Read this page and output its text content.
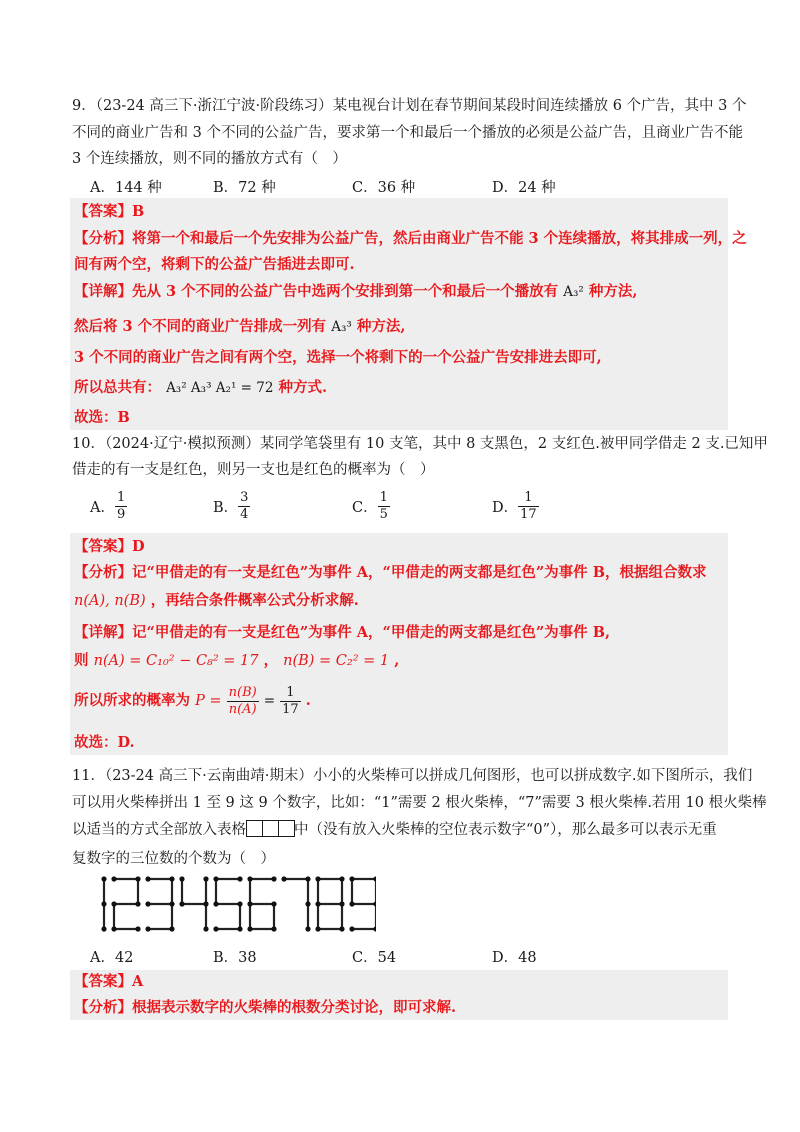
9．（23-24 高三下·浙江宁波·阶段练习）某电视台计划在春节期间某段时间连续播放 6 个广告，其中 3 个
不同的商业广告和 3 个不同的公益广告，要求第一个和最后一个播放的必须是公益广告，且商业广告不能
3 个连续播放，则不同的播放方式有（　）
A．144 种	B．72 种	C．36 种	D．24 种
【答案】B
【分析】将第一个和最后一个先安排为公益广告，然后由商业广告不能 3 个连续播放，将其排成一列，之
间有两个空，将剩下的公益广告插进去即可.
【详解】先从 3 个不同的公益广告中选两个安排到第一个和最后一个播放有 A₃² 种方法,
然后将 3 个不同的商业广告排成一列有 A₃³ 种方法,
3 个不同的商业广告之间有两个空，选择一个将剩下的一个公益广告安排进去即可,
所以总共有： A₃² A₃³ A₂¹ = 72 种方式.
故选：B
10．（2024·辽宁·模拟预测）某同学笔袋里有 10 支笔，其中 8 支黑色，2 支红色.被甲同学借走 2 支.已知甲
借走的有一支是红色，则另一支也是红色的概率为（　）
A． $\frac{1}{9}$	B． $\frac{3}{4}$	C． $\frac{1}{5}$	D． $\frac{1}{17}$
【答案】D
【分析】记“甲借走的有一支是红色”为事件 A，“甲借走的两支都是红色”为事件 B，根据组合数求
n(A), n(B) ，再结合条件概率公式分析求解.
【详解】记“甲借走的有一支是红色”为事件 A，“甲借走的两支都是红色”为事件 B,
则 n(A) = C₁₀² − C₈² = 17 ， n(B) = C₂² = 1 ,
所以所求的概率为 $P = \frac{n(B)}{n(A)} = \frac{1}{17}$ .
故选：D.
11．（23-24 高三下·云南曲靖·期末）小小的火柴棒可以拼成几何图形，也可以拼成数字.如下图所示，我们
可以用火柴棒拼出 1 至 9 这 9 个数字，比如：“1”需要 2 根火柴棒，“7”需要 3 根火柴棒.若用 10 根火柴棒
以适当的方式全部放入表格	中（没有放入火柴棒的空位表示数字“0”），那么最多可以表示无重
复数字的三位数的个数为（　）
A．42	B．38	C．54	D．48
【答案】A
【分析】根据表示数字的火柴棒的根数分类讨论，即可求解.
